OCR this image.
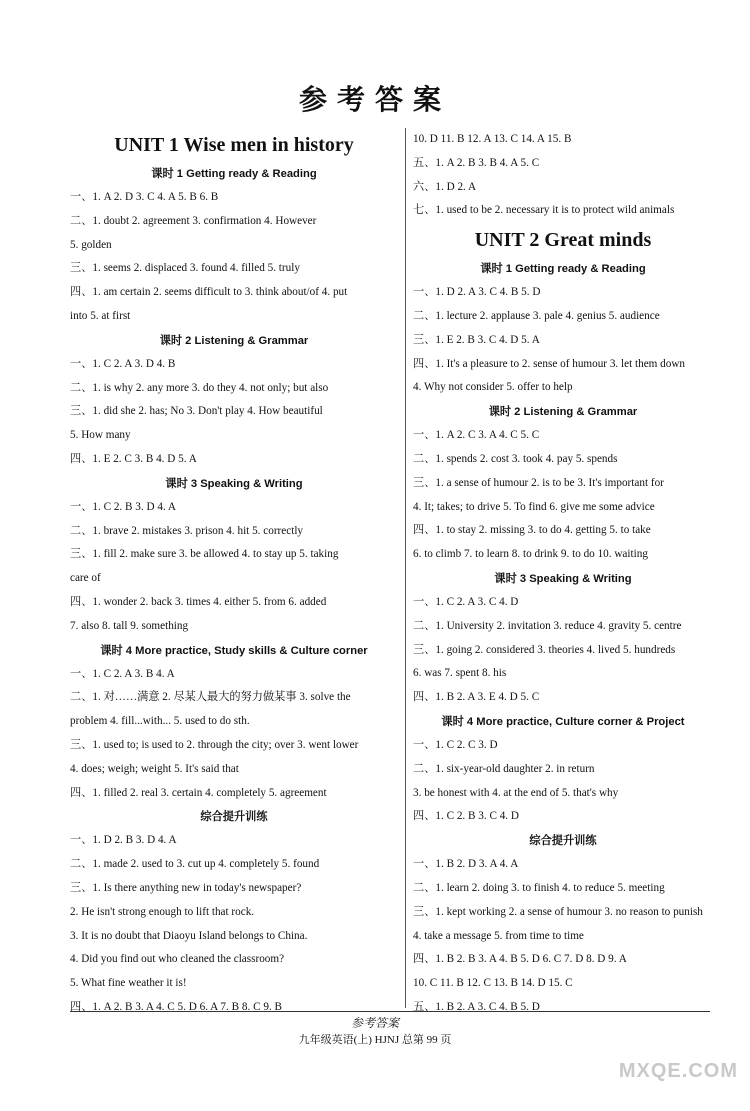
参考答案
UNIT 1 Wise men in history
课时 1 Getting ready & Reading
一、1. A 2. D 3. C 4. A 5. B 6. B
二、1. doubt 2. agreement 3. confirmation 4. However
5. golden
三、1. seems 2. displaced 3. found 4. filled 5. truly
四、1. am certain 2. seems difficult to 3. think about/of 4. put
into 5. at first
课时 2 Listening & Grammar
一、1. C 2. A 3. D 4. B
二、1. is why 2. any more 3. do they 4. not only; but also
三、1. did she 2. has; No 3. Don't play 4. How beautiful
5. How many
四、1. E 2. C 3. B 4. D 5. A
课时 3 Speaking & Writing
一、1. C 2. B 3. D 4. A
二、1. brave 2. mistakes 3. prison 4. hit 5. correctly
三、1. fill 2. make sure 3. be allowed 4. to stay up 5. taking
care of
四、1. wonder 2. back 3. times 4. either 5. from 6. added
7. also 8. tall 9. something
课时 4 More practice, Study skills & Culture corner
一、1. C 2. A 3. B 4. A
二、1. 对……满意 2. 尽某人最大的努力做某事 3. solve the
problem 4. fill...with... 5. used to do sth.
三、1. used to; is used to 2. through the city; over 3. went lower
4. does; weigh; weight 5. It's said that
四、1. filled 2. real 3. certain 4. completely 5. agreement
综合提升训练
一、1. D 2. B 3. D 4. A
二、1. made 2. used to 3. cut up 4. completely 5. found
三、1. Is there anything new in today's newspaper?
2. He isn't strong enough to lift that rock.
3. It is no doubt that Diaoyu Island belongs to China.
4. Did you find out who cleaned the classroom?
5. What fine weather it is!
四、1. A 2. B 3. A 4. C 5. D 6. A 7. B 8. C 9. B
10. D 11. B 12. A 13. C 14. A 15. B
五、1. A 2. B 3. B 4. A 5. C
六、1. D 2. A
七、1. used to be 2. necessary it is to protect wild animals
UNIT 2 Great minds
课时 1 Getting ready & Reading
一、1. D 2. A 3. C 4. B 5. D
二、1. lecture 2. applause 3. pale 4. genius 5. audience
三、1. E 2. B 3. C 4. D 5. A
四、1. It's a pleasure to 2. sense of humour 3. let them down
4. Why not consider 5. offer to help
课时 2 Listening & Grammar
一、1. A 2. C 3. A 4. C 5. C
二、1. spends 2. cost 3. took 4. pay 5. spends
三、1. a sense of humour 2. is to be 3. It's important for
4. It; takes; to drive 5. To find 6. give me some advice
四、1. to stay 2. missing 3. to do 4. getting 5. to take
6. to climb 7. to learn 8. to drink 9. to do 10. waiting
课时 3 Speaking & Writing
一、1. C 2. A 3. C 4. D
二、1. University 2. invitation 3. reduce 4. gravity 5. centre
三、1. going 2. considered 3. theories 4. lived 5. hundreds
6. was 7. spent 8. his
四、1. B 2. A 3. E 4. D 5. C
课时 4 More practice, Culture corner & Project
一、1. C 2. C 3. D
二、1. six-year-old daughter 2. in return
3. be honest with 4. at the end of 5. that's why
四、1. C 2. B 3. C 4. D
综合提升训练
一、1. B 2. D 3. A 4. A
二、1. learn 2. doing 3. to finish 4. to reduce 5. meeting
三、1. kept working 2. a sense of humour 3. no reason to punish
4. take a message 5. from time to time
四、1. B 2. B 3. A 4. B 5. D 6. C 7. D 8. D 9. A
10. C 11. B 12. C 13. B 14. D 15. C
五、1. B 2. A 3. C 4. B 5. D
参考答案
九年级英语(上) HJNJ 总第 99 页
MXQE.COM
